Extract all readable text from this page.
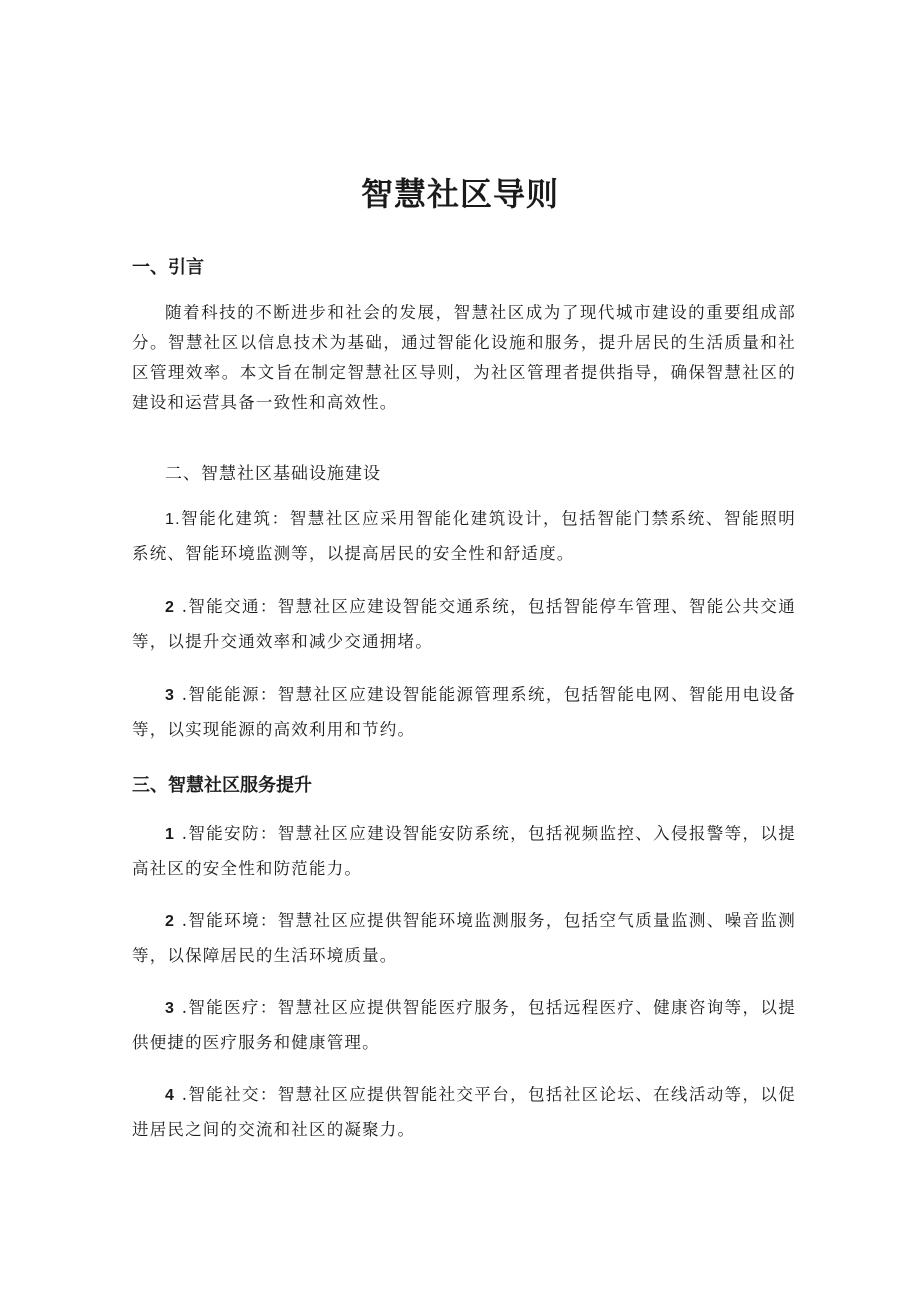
智慧社区导则
一、引言

随着科技的不断进步和社会的发展，智慧社区成为了现代城市建设的重要组成部分。智慧社区以信息技术为基础，通过智能化设施和服务，提升居民的生活质量和社区管理效率。本文旨在制定智慧社区导则，为社区管理者提供指导，确保智慧社区的建设和运营具备一致性和高效性。

二、智慧社区基础设施建设

1.智能化建筑：智慧社区应采用智能化建筑设计，包括智能门禁系统、智能照明系统、智能环境监测等，以提高居民的安全性和舒适度。

2 .智能交通：智慧社区应建设智能交通系统，包括智能停车管理、智能公共交通等，以提升交通效率和减少交通拥堵。

3 .智能能源：智慧社区应建设智能能源管理系统，包括智能电网、智能用电设备等，以实现能源的高效利用和节约。

三、智慧社区服务提升

1 .智能安防：智慧社区应建设智能安防系统，包括视频监控、入侵报警等，以提高社区的安全性和防范能力。

2 .智能环境：智慧社区应提供智能环境监测服务，包括空气质量监测、噪音监测等，以保障居民的生活环境质量。

3 .智能医疗：智慧社区应提供智能医疗服务，包括远程医疗、健康咨询等，以提供便捷的医疗服务和健康管理。

4 .智能社交：智慧社区应提供智能社交平台，包括社区论坛、在线活动等，以促进居民之间的交流和社区的凝聚力。
